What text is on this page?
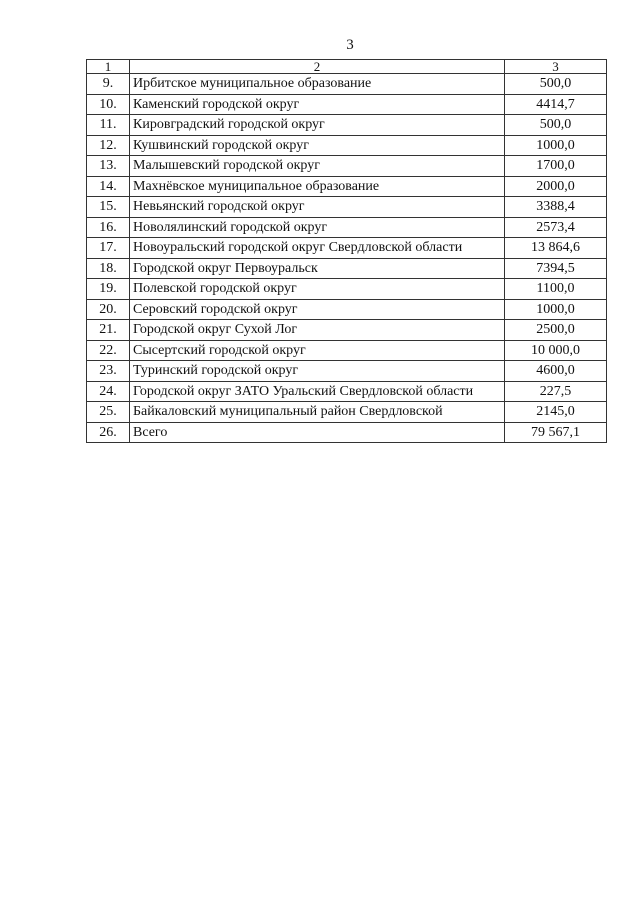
3
1	2	3
9.	Ирбитское муниципальное образование	500,0
10.	Каменский городской округ	4414,7
11.	Кировградский городской округ	500,0
12.	Кушвинский городской округ	1000,0
13.	Малышевский городской округ	1700,0
14.	Махнёвское муниципальное образование	2000,0
15.	Невьянский городской округ	3388,4
16.	Новолялинский городской округ	2573,4
17.	Новоуральский городской округ Свердловской области	13 864,6
18.	Городской округ Первоуральск	7394,5
19.	Полевской городской округ	1100,0
20.	Серовский городской округ	1000,0
21.	Городской округ Сухой Лог	2500,0
22.	Сысертский городской округ	10 000,0
23.	Туринский городской округ	4600,0
24.	Городской округ ЗАТО Уральский Свердловской области	227,5
25.	Байкаловский муниципальный район Свердловской	2145,0
26.	Всего	79 567,1
